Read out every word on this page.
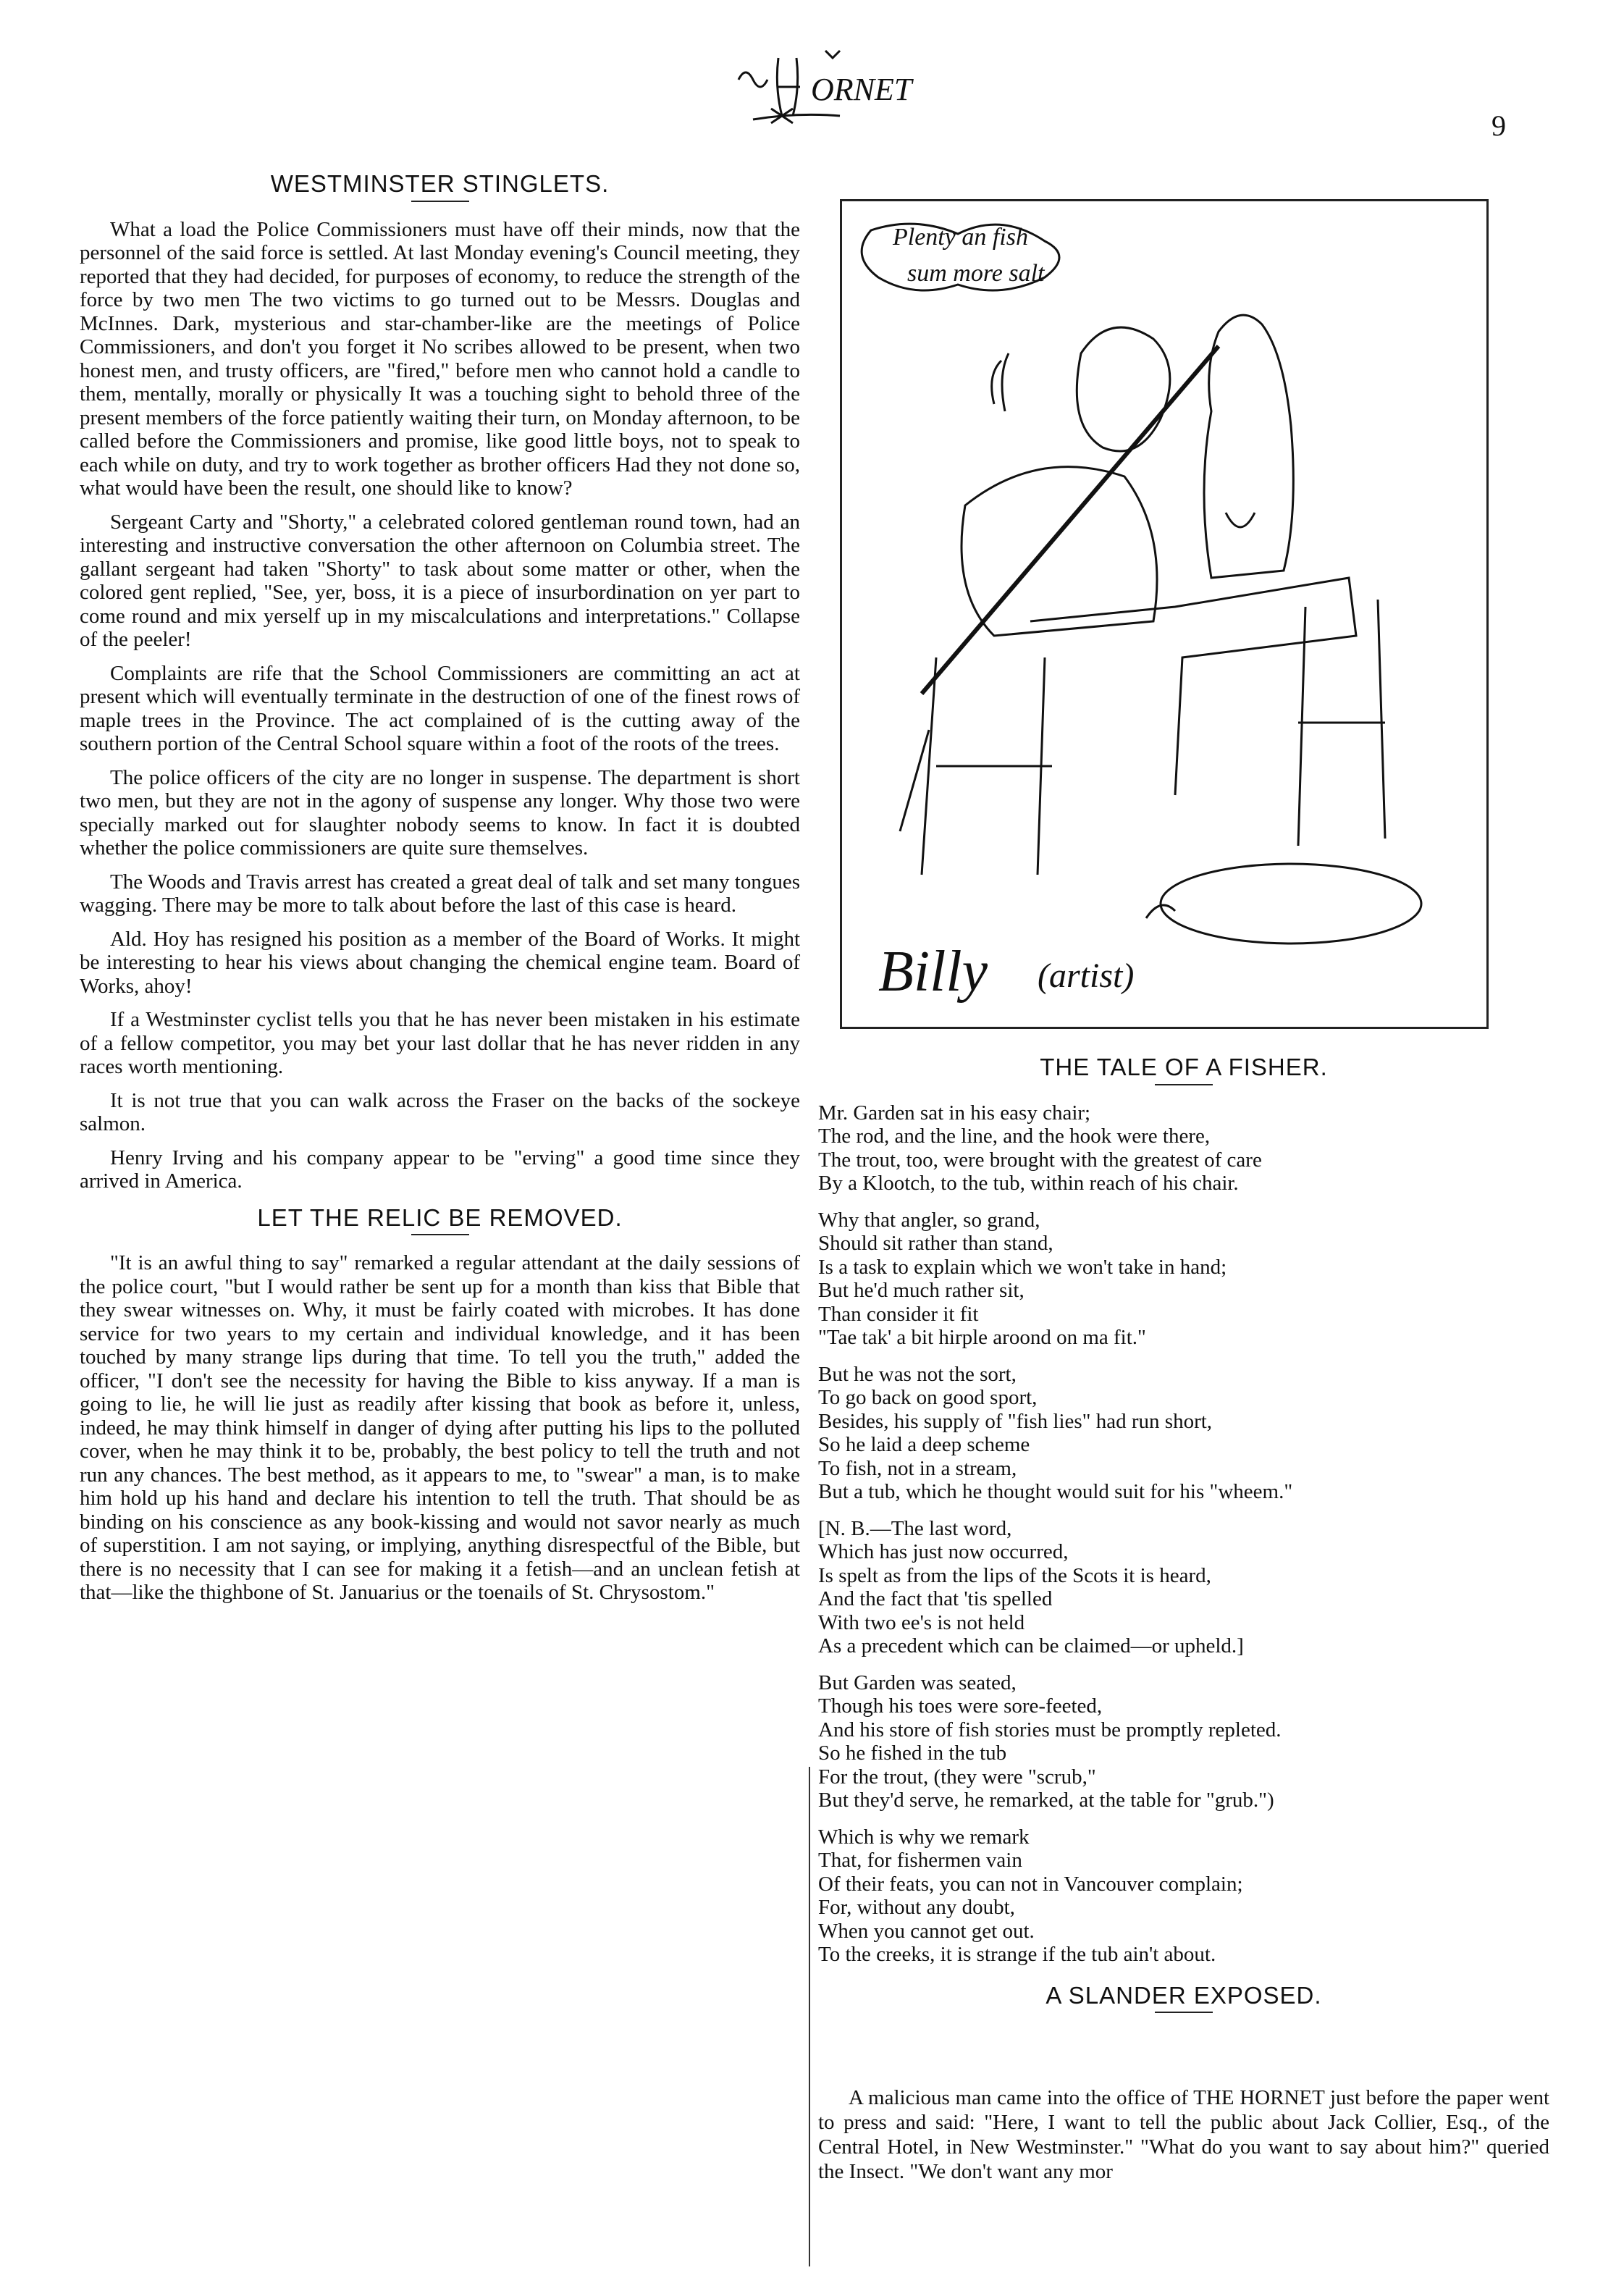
ORNET
9
WESTMINSTER STINGLETS.

What a load the Police Commissioners must have off their minds, now that the personnel of the said force is settled. At last Monday evening's Council meeting, they reported that they had decided, for purposes of economy, to reduce the strength of the force by two men The two victims to go turned out to be Messrs. Douglas and McInnes. Dark, mysterious and star-chamber-like are the meetings of Police Commissioners, and don't you forget it No scribes allowed to be present, when two honest men, and trusty officers, are "fired," before men who cannot hold a candle to them, mentally, morally or physically It was a touching sight to behold three of the present members of the force patiently waiting their turn, on Monday afternoon, to be called before the Commissioners and promise, like good little boys, not to speak to each while on duty, and try to work together as brother officers Had they not done so, what would have been the result, one should like to know?

Sergeant Carty and "Shorty," a celebrated colored gentleman round town, had an interesting and instructive conversation the other afternoon on Columbia street. The gallant sergeant had taken "Shorty" to task about some matter or other, when the colored gent replied, "See, yer, boss, it is a piece of insurbordination on yer part to come round and mix yerself up in my miscalculations and interpretations." Collapse of the peeler!

Complaints are rife that the School Commissioners are committing an act at present which will eventually terminate in the destruction of one of the finest rows of maple trees in the Province. The act complained of is the cutting away of the southern portion of the Central School square within a foot of the roots of the trees.

The police officers of the city are no longer in suspense. The department is short two men, but they are not in the agony of suspense any longer. Why those two were specially marked out for slaughter nobody seems to know. In fact it is doubted whether the police commissioners are quite sure themselves.

The Woods and Travis arrest has created a great deal of talk and set many tongues wagging. There may be more to talk about before the last of this case is heard.

Ald. Hoy has resigned his position as a member of the Board of Works. It might be interesting to hear his views about changing the chemical engine team. Board of Works, ahoy!

If a Westminster cyclist tells you that he has never been mistaken in his estimate of a fellow competitor, you may bet your last dollar that he has never ridden in any races worth mentioning.

It is not true that you can walk across the Fraser on the backs of the sockeye salmon.

Henry Irving and his company appear to be "erving" a good time since they arrived in America.

LET THE RELIC BE REMOVED.

"It is an awful thing to say" remarked a regular attendant at the daily sessions of the police court, "but I would rather be sent up for a month than kiss that Bible that they swear witnesses on. Why, it must be fairly coated with microbes. It has done service for two years to my certain and individual knowledge, and it has been touched by many strange lips during that time. To tell you the truth," added the officer, "I don't see the necessity for having the Bible to kiss anyway. If a man is going to lie, he will lie just as readily after kissing that book as before it, unless, indeed, he may think himself in danger of dying after putting his lips to the polluted cover, when he may think it to be, probably, the best policy to tell the truth and not run any chances. The best method, as it appears to me, to "swear" a man, is to make him hold up his hand and declare his intention to tell the truth. That should be as binding on his conscience as any book-kissing and would not savor nearly as much of superstition. I am not saying, or implying, anything disrespectful of the Bible, but there is no necessity that I can see for making it a fetish—and an unclean fetish at that—like the thighbone of St. Januarius or the toenails of St. Chrysostom."

Plenty an fish
sum more salt
Billy (artist)
THE TALE OF A FISHER.
Mr. Garden sat in his easy chair;
The rod, and the line, and the hook were there,
The trout, too, were brought with the greatest of care
By a Klootch, to the tub, within reach of his chair.
Why that angler, so grand,
Should sit rather than stand,
Is a task to explain which we won't take in hand;
But he'd much rather sit,
Than consider it fit
"Tae tak' a bit hirple aroond on ma fit."
But he was not the sort,
To go back on good sport,
Besides, his supply of "fish lies" had run short,
So he laid a deep scheme
To fish, not in a stream,
But a tub, which he thought would suit for his "wheem."
[N. B.—The last word,
Which has just now occurred,
Is spelt as from the lips of the Scots it is heard,
And the fact that 'tis spelled
With two ee's is not held
As a precedent which can be claimed—or upheld.]
But Garden was seated,
Though his toes were sore-feeted,
And his store of fish stories must be promptly repleted.
So he fished in the tub
For the trout, (they were "scrub,"
But they'd serve, he remarked, at the table for "grub.")
Which is why we remark
That, for fishermen vain
Of their feats, you can not in Vancouver complain;
For, without any doubt,
When you cannot get out.
To the creeks, it is strange if the tub ain't about.
A SLANDER EXPOSED.

A malicious man came into the office of THE HORNET just before the paper went to press and said: "Here, I want to tell the public about Jack Collier, Esq., of the Central Hotel, in New Westminster." "What do you want to say about him?" queried the Insect. "We don't want any mor
